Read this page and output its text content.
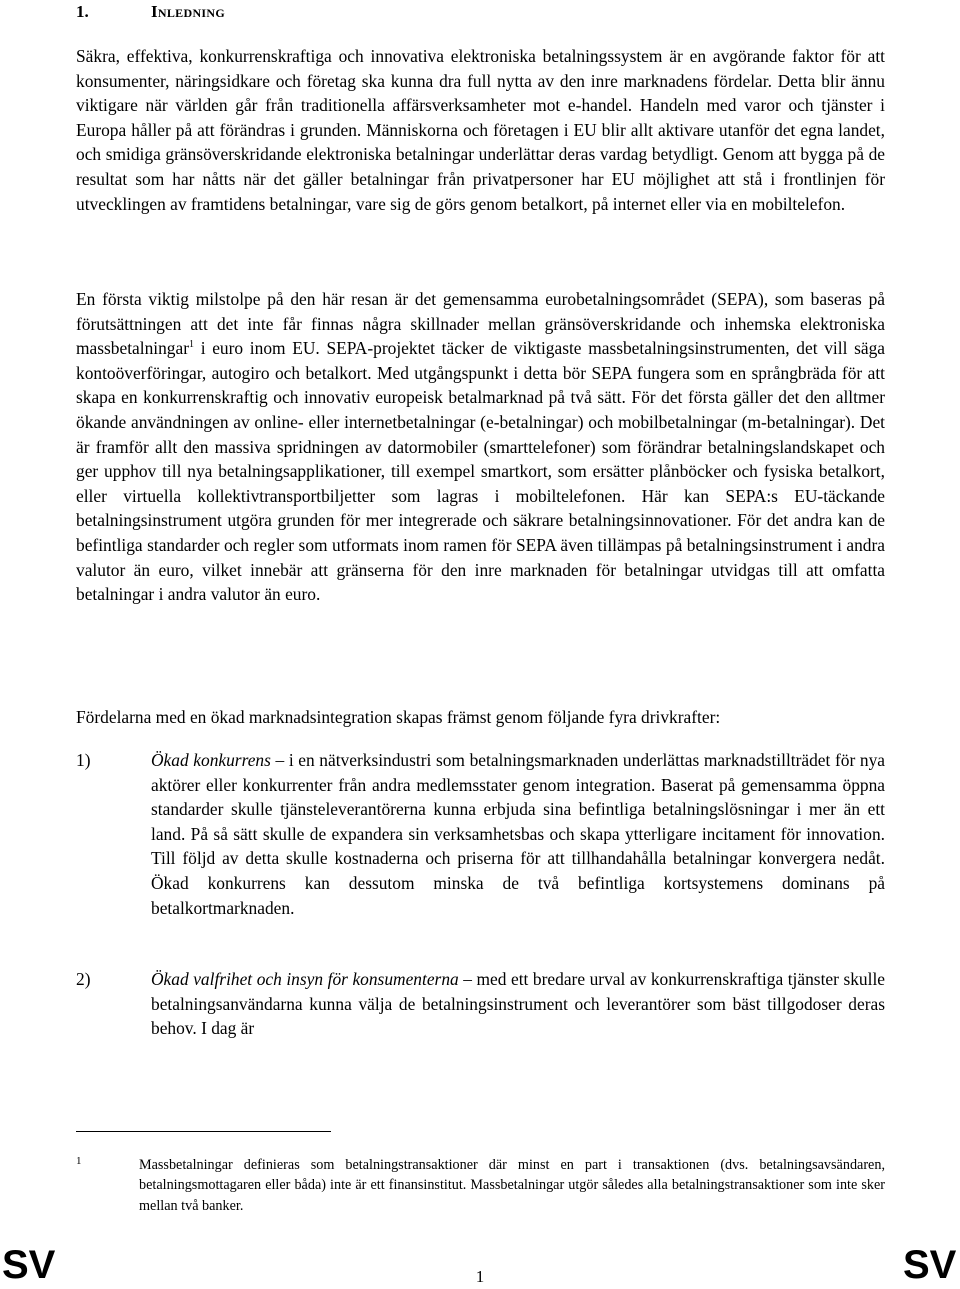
1.	Inledning

Säkra, effektiva, konkurrenskraftiga och innovativa elektroniska betalningssystem är en avgörande faktor för att konsumenter, näringsidkare och företag ska kunna dra full nytta av den inre marknadens fördelar. Detta blir ännu viktigare när världen går från traditionella affärsverksamheter mot e-handel. Handeln med varor och tjänster i Europa håller på att förändras i grunden. Människorna och företagen i EU blir allt aktivare utanför det egna landet, och smidiga gränsöverskridande elektroniska betalningar underlättar deras vardag betydligt. Genom att bygga på de resultat som har nåtts när det gäller betalningar från privatpersoner har EU möjlighet att stå i frontlinjen för utvecklingen av framtidens betalningar, vare sig de görs genom betalkort, på internet eller via en mobiltelefon.

En första viktig milstolpe på den här resan är det gemensamma eurobetalningsområdet (SEPA), som baseras på förutsättningen att det inte får finnas några skillnader mellan gränsöverskridande och inhemska elektroniska massbetalningar$^1$ i euro inom EU. SEPA-projektet täcker de viktigaste massbetalningsinstrumenten, det vill säga kontoöverföringar, autogiro och betalkort. Med utgångspunkt i detta bör SEPA fungera som en språngbräda för att skapa en konkurrenskraftig och innovativ europeisk betalmarknad på två sätt. För det första gäller det den alltmer ökande användningen av online- eller internetbetalningar (e-betalningar) och mobilbetalningar (m-betalningar). Det är framför allt den massiva spridningen av datormobiler (smarttelefoner) som förändrar betalningslandskapet och ger upphov till nya betalningsapplikationer, till exempel smartkort, som ersätter plånböcker och fysiska betalkort, eller virtuella kollektivtransportbiljetter som lagras i mobiltelefonen. Här kan SEPA:s EU-täckande betalningsinstrument utgöra grunden för mer integrerade och säkrare betalningsinnovationer. För det andra kan de befintliga standarder och regler som utformats inom ramen för SEPA även tillämpas på betalningsinstrument i andra valutor än euro, vilket innebär att gränserna för den inre marknaden för betalningar utvidgas till att omfatta betalningar i andra valutor än euro.

Fördelarna med en ökad marknadsintegration skapas främst genom följande fyra drivkrafter:

1)	Ökad konkurrens – i en nätverksindustri som betalningsmarknaden underlättas marknadstillträdet för nya aktörer eller konkurrenter från andra medlemsstater genom integration. Baserat på gemensamma öppna standarder skulle tjänsteleverantörerna kunna erbjuda sina befintliga betalningslösningar i mer än ett land. På så sätt skulle de expandera sin verksamhetsbas och skapa ytterligare incitament för innovation. Till följd av detta skulle kostnaderna och priserna för att tillhandahålla betalningar konvergera nedåt. Ökad konkurrens kan dessutom minska de två befintliga kortsystemens dominans på betalkortmarknaden.
2)	Ökad valfrihet och insyn för konsumenterna – med ett bredare urval av konkurrenskraftiga tjänster skulle betalningsanvändarna kunna välja de betalningsinstrument och leverantörer som bäst tillgodoser deras behov. I dag är
1	Massbetalningar definieras som betalningstransaktioner där minst en part i transaktionen (dvs. betalningsavsändaren, betalningsmottagaren eller båda) inte är ett finansinstitut. Massbetalningar utgör således alla betalningstransaktioner som inte sker mellan två banker.
SV	1	SV
